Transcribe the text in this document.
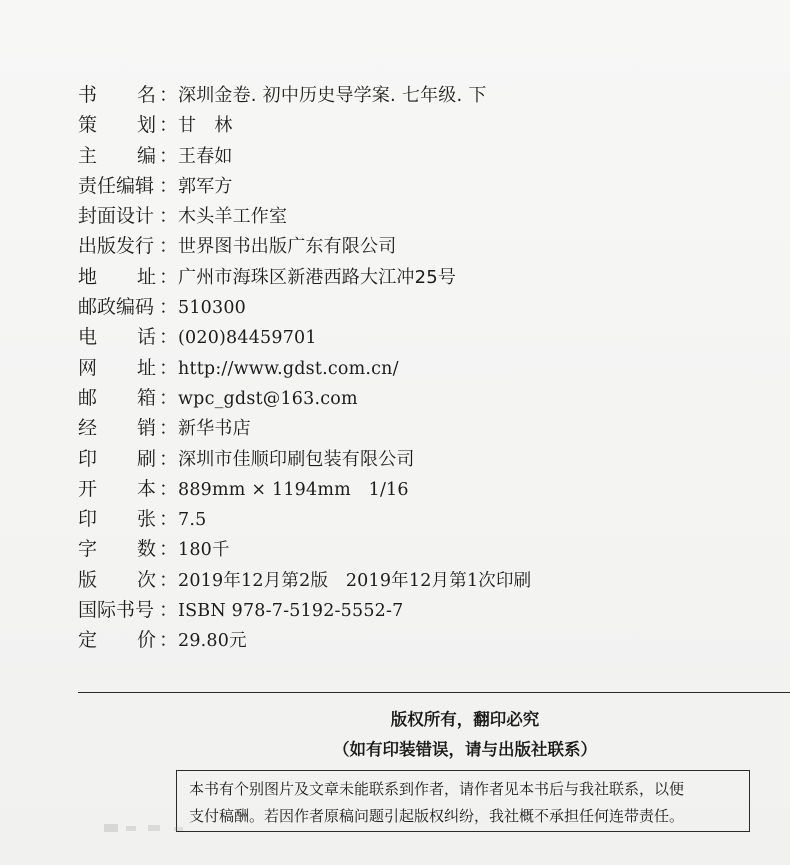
书 名 ： 深圳金卷. 初中历史导学案. 七年级. 下
策 划 ： 甘　林
主 编 ： 王春如
责任编辑 ： 郭军方
封面设计 ： 木头羊工作室
出版发行 ： 世界图书出版广东有限公司
地 址 ： 广州市海珠区新港西路大江冲25号
邮政编码 ： 510300
电 话 ： (020)84459701
网 址 ： http://www.gdst.com.cn/
邮 箱 ： wpc_gdst@163.com
经 销 ： 新华书店
印 刷 ： 深圳市佳顺印刷包装有限公司
开 本 ： 889mm × 1194mm　1/16
印 张 ： 7.5
字 数 ： 180千
版 次 ： 2019年12月第2版　2019年12月第1次印刷
国际书号 ： ISBN 978-7-5192-5552-7
定 价 ： 29.80元
版权所有，翻印必究
（如有印装错误，请与出版社联系）
本书有个别图片及文章未能联系到作者，请作者见本书后与我社联系，以便
支付稿酬。若因作者原稿问题引起版权纠纷，我社概不承担任何连带责任。
